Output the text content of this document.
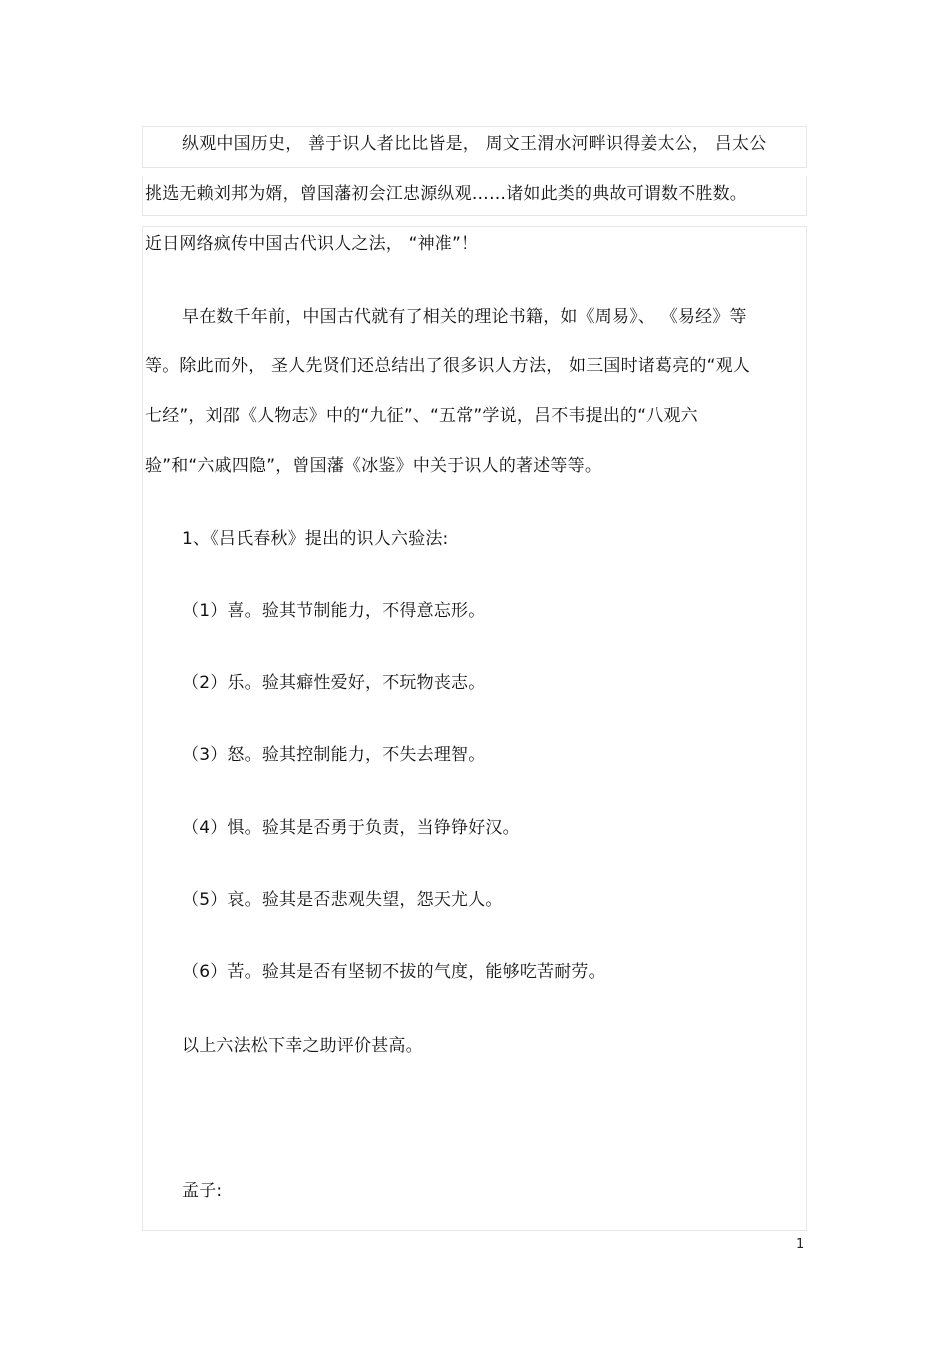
纵观中国历史， 善于识人者比比皆是， 周文王渭水河畔识得姜太公， 吕太公
挑选无赖刘邦为婿，曾国藩初会江忠源纵观……诸如此类的典故可谓数不胜数。
近日网络疯传中国古代识人之法， “神准”！
早在数千年前，中国古代就有了相关的理论书籍，如《周易》、 《易经》等
等。除此而外， 圣人先贤们还总结出了很多识人方法， 如三国时诸葛亮的“观人
七经”，刘邵《人物志》中的“九征”、“五常”学说，吕不韦提出的“八观六
验”和“六戚四隐”，曾国藩《冰鉴》中关于识人的著述等等。
1、《吕氏春秋》提出的识人六验法:
（1）喜。验其节制能力，不得意忘形。
（2）乐。验其癖性爱好，不玩物丧志。
（3）怒。验其控制能力，不失去理智。
（4）惧。验其是否勇于负责，当铮铮好汉。
（5）哀。验其是否悲观失望，怨天尤人。
（6）苦。验其是否有坚韧不拔的气度，能够吃苦耐劳。
以上六法松下幸之助评价甚高。
孟子:
1
